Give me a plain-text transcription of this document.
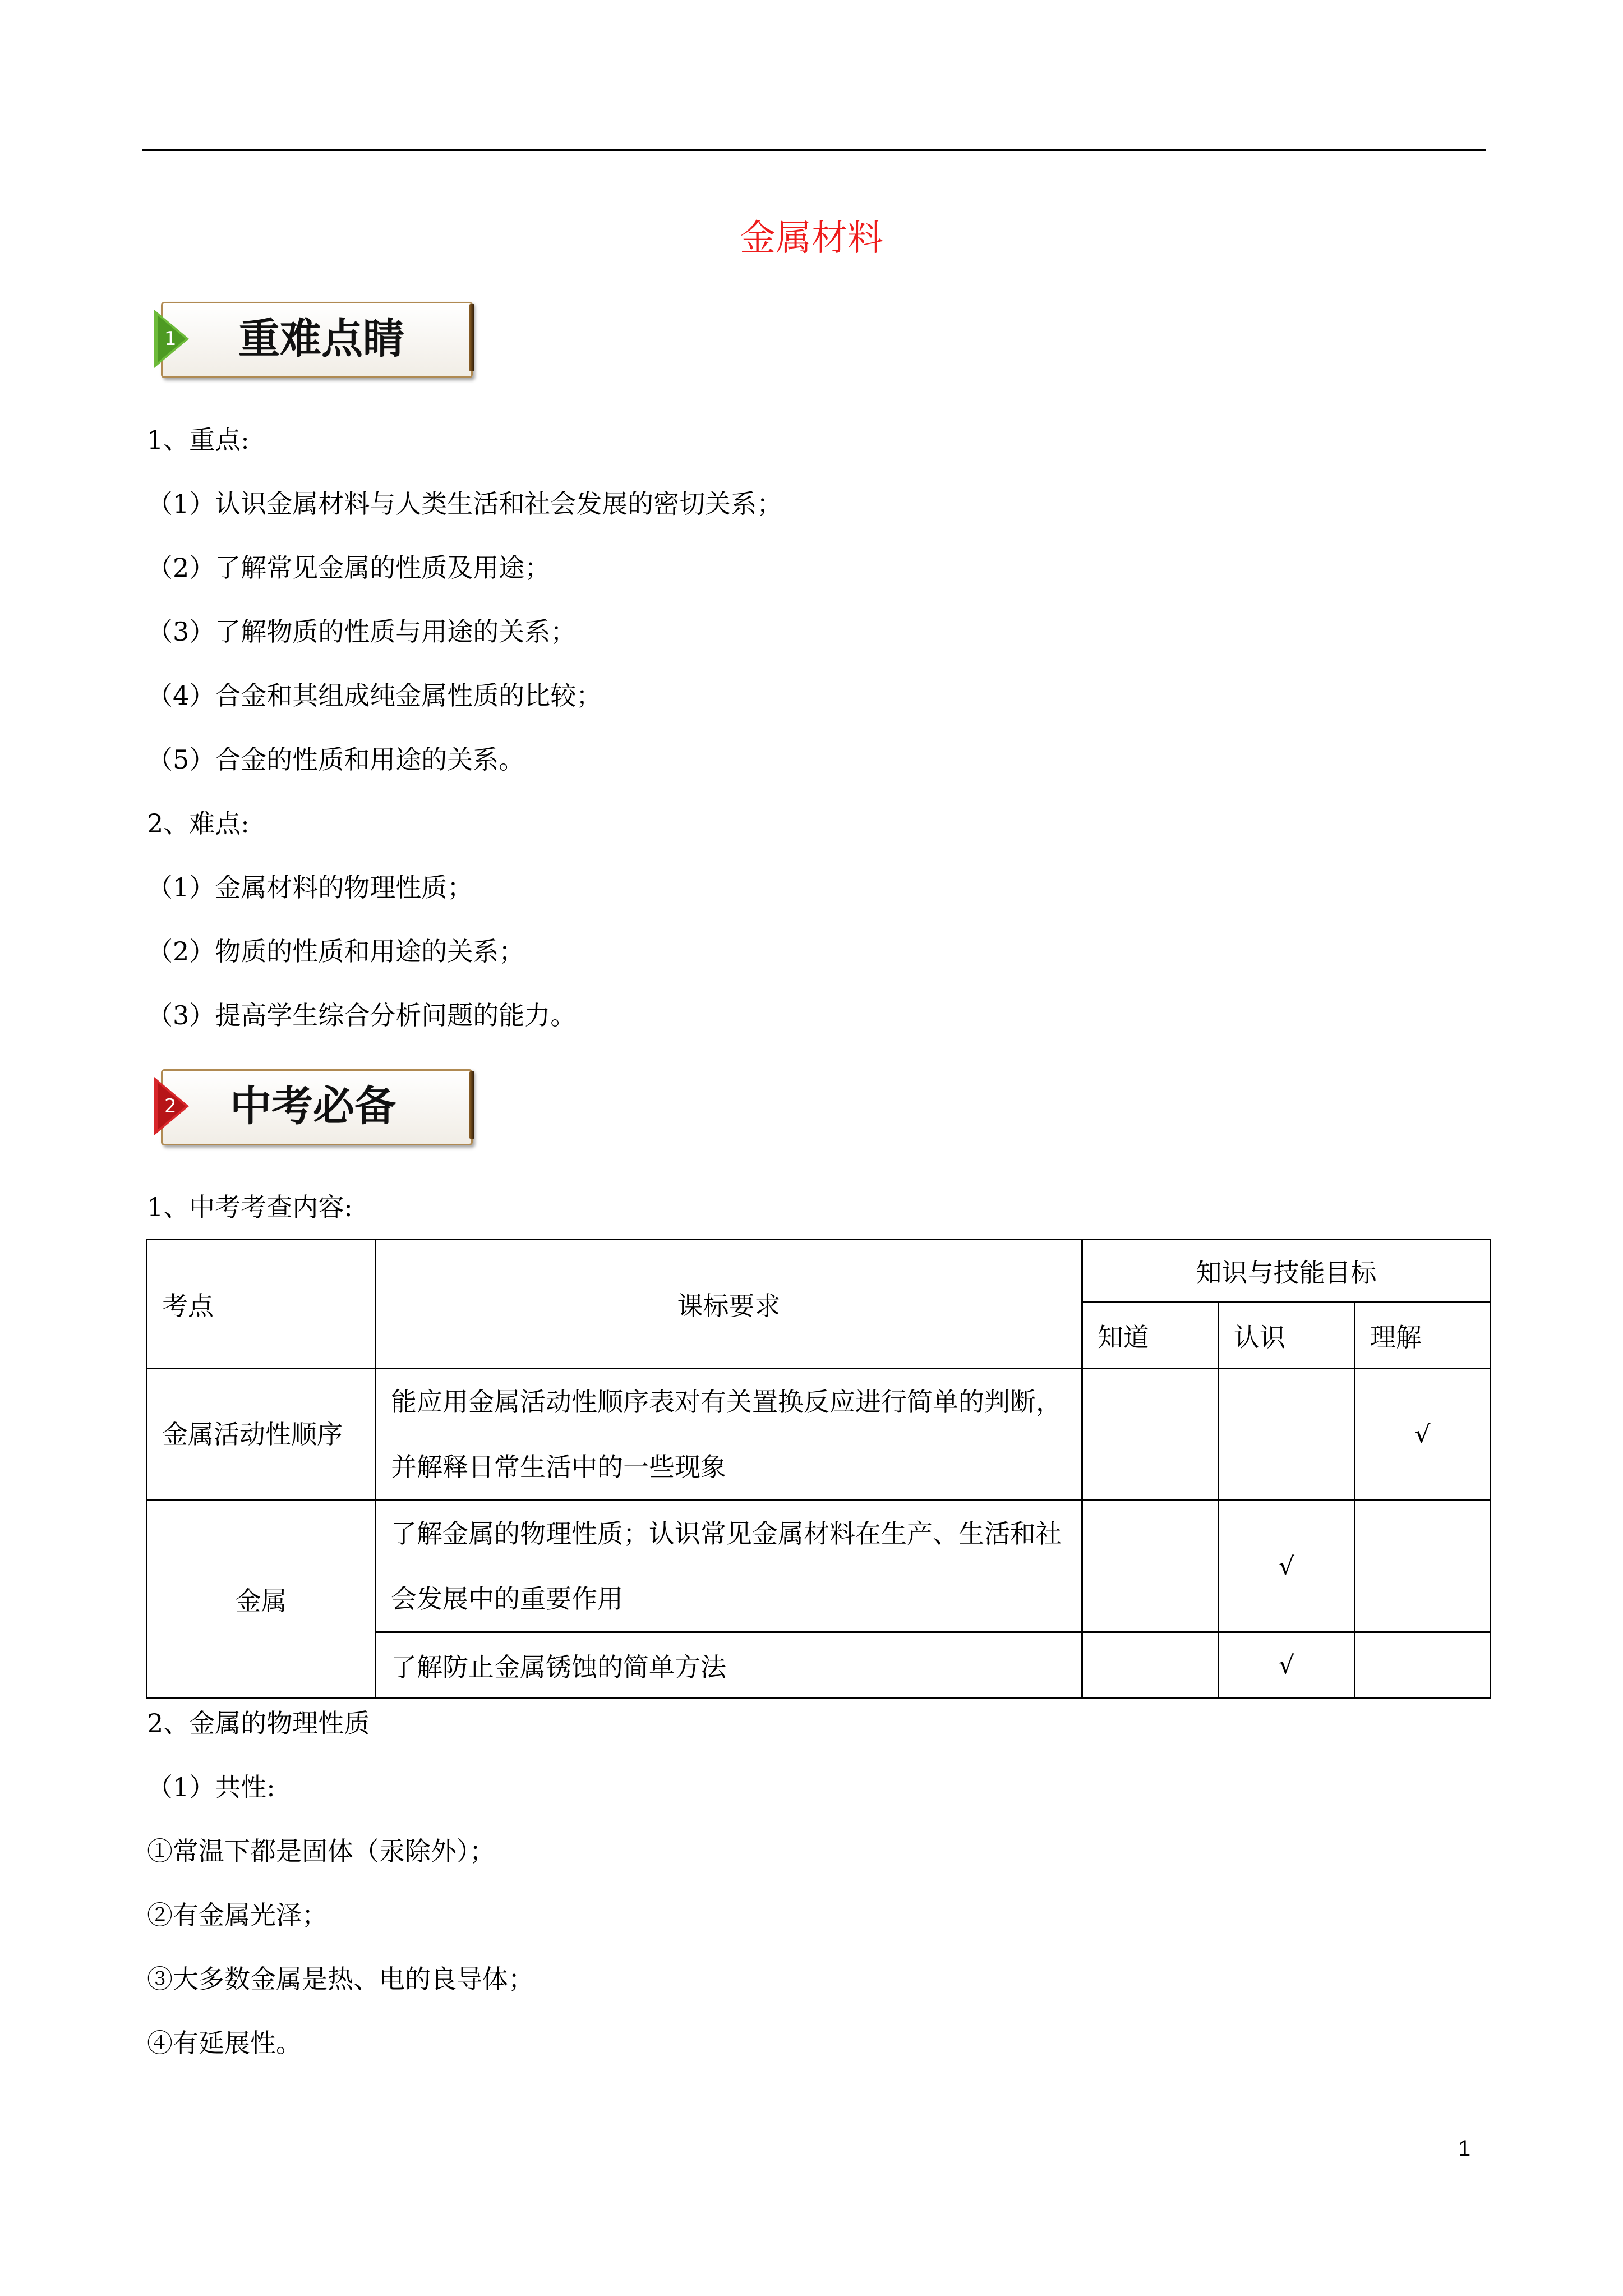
金属材料
1 重难点睛
1、重点:
（1）认识金属材料与人类生活和社会发展的密切关系；
（2）了解常见金属的性质及用途；
（3）了解物质的性质与用途的关系；
（4）合金和其组成纯金属性质的比较；
（5）合金的性质和用途的关系。
2、难点:
（1）金属材料的物理性质；
（2）物质的性质和用途的关系；
（3）提高学生综合分析问题的能力。
2 中考必备
1、中考考查内容:
考点	课标要求	知识与技能目标		
		知道	认识	理解
金属活动性顺序	能应用金属活动性顺序表对有关置换反应进行简单的判断，并解释日常生活中的一些现象			√
金属	了解金属的物理性质；认识常见金属材料在生产、生活和社会发展中的重要作用		√	
	了解防止金属锈蚀的简单方法		√	
2、金属的物理性质
（1）共性:
①常温下都是固体（汞除外）；
②有金属光泽；
③大多数金属是热、电的良导体；
④有延展性。
1
